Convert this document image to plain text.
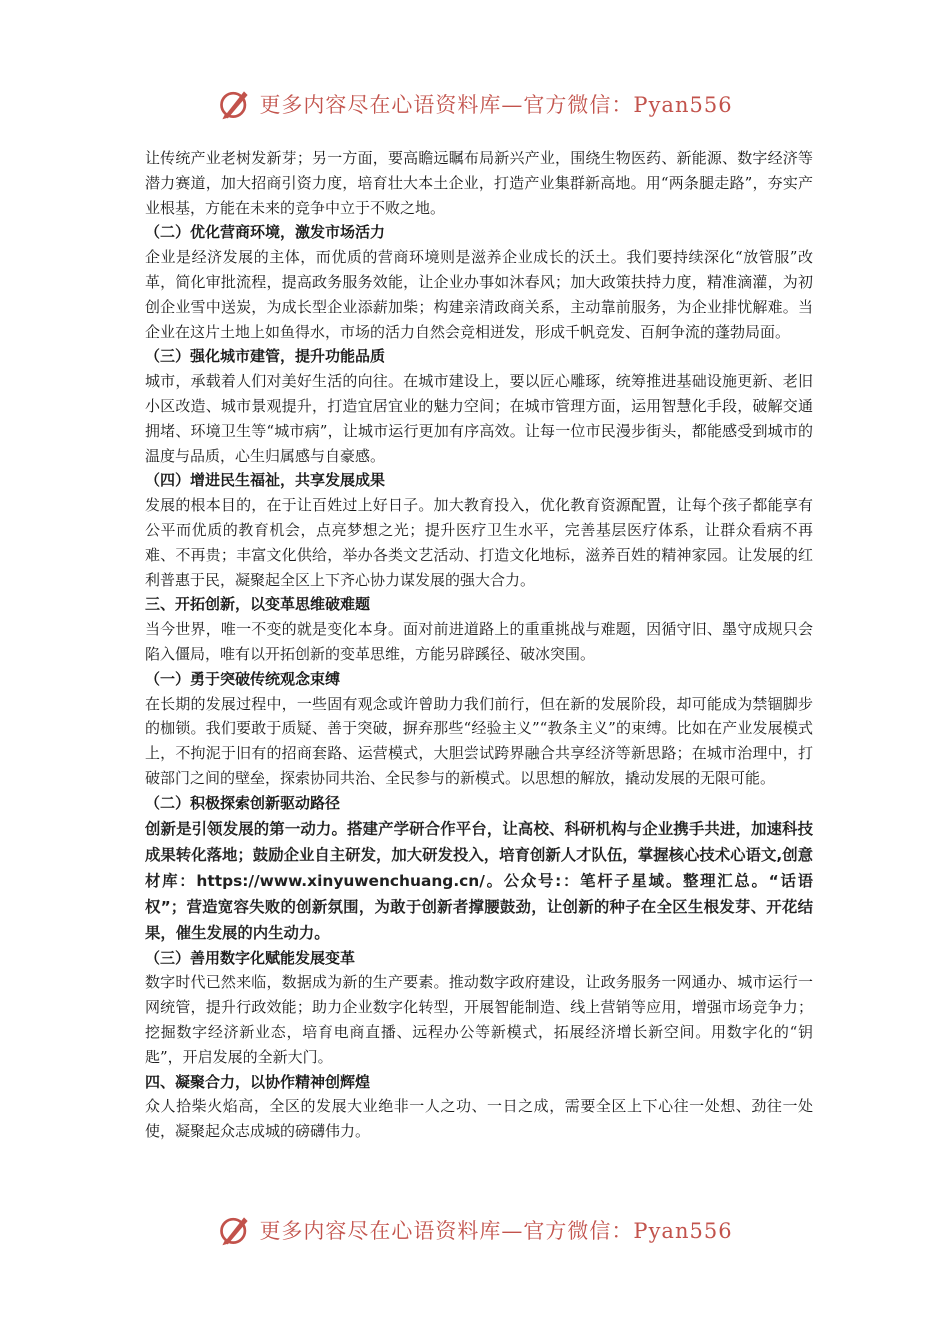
更多内容尽在心语资料库—官方微信：Pyan556

让传统产业老树发新芽；另一方面，要高瞻远瞩布局新兴产业，围绕生物医药、新能源、数字经济等潜力赛道，加大招商引资力度，培育壮大本土企业，打造产业集群新高地。用“两条腿走路”，夯实产业根基，方能在未来的竞争中立于不败之地。

（二）优化营商环境，激发市场活力

企业是经济发展的主体，而优质的营商环境则是滋养企业成长的沃土。我们要持续深化“放管服”改革，简化审批流程，提高政务服务效能，让企业办事如沐春风；加大政策扶持力度，精准滴灌，为初创企业雪中送炭，为成长型企业添薪加柴；构建亲清政商关系，主动靠前服务，为企业排忧解难。当企业在这片土地上如鱼得水，市场的活力自然会竞相迸发，形成千帆竞发、百舸争流的蓬勃局面。

（三）强化城市建管，提升功能品质

城市，承载着人们对美好生活的向往。在城市建设上，要以匠心雕琢，统筹推进基础设施更新、老旧小区改造、城市景观提升，打造宜居宜业的魅力空间；在城市管理方面，运用智慧化手段，破解交通拥堵、环境卫生等“城市病”，让城市运行更加有序高效。让每一位市民漫步街头，都能感受到城市的温度与品质，心生归属感与自豪感。

（四）增进民生福祉，共享发展成果

发展的根本目的，在于让百姓过上好日子。加大教育投入，优化教育资源配置，让每个孩子都能享有公平而优质的教育机会，点亮梦想之光；提升医疗卫生水平，完善基层医疗体系，让群众看病不再难、不再贵；丰富文化供给，举办各类文艺活动、打造文化地标，滋养百姓的精神家园。让发展的红利普惠于民，凝聚起全区上下齐心协力谋发展的强大合力。

三、开拓创新，以变革思维破难题

当今世界，唯一不变的就是变化本身。面对前进道路上的重重挑战与难题，因循守旧、墨守成规只会陷入僵局，唯有以开拓创新的变革思维，方能另辟蹊径、破冰突围。

（一）勇于突破传统观念束缚

在长期的发展过程中，一些固有观念或许曾助力我们前行，但在新的发展阶段，却可能成为禁锢脚步的枷锁。我们要敢于质疑、善于突破，摒弃那些“经验主义”“教条主义”的束缚。比如在产业发展模式上，不拘泥于旧有的招商套路、运营模式，大胆尝试跨界融合共享经济等新思路；在城市治理中，打破部门之间的壁垒，探索协同共治、全民参与的新模式。以思想的解放，撬动发展的无限可能。

（二）积极探索创新驱动路径

创新是引领发展的第一动力。搭建产学研合作平台，让高校、科研机构与企业携手共进，加速科技成果转化落地；鼓励企业自主研发，加大研发投入，培育创新人才队伍，掌握核心技术心语文,创意材库：https://www.xinyuwenchuang.cn/。公众号:：笔杆子星域。整理汇总。“话语权”；营造宽容失败的创新氛围，为敢于创新者撑腰鼓劲，让创新的种子在全区生根发芽、开花结果，催生发展的内生动力。

（三）善用数字化赋能发展变革

数字时代已然来临，数据成为新的生产要素。推动数字政府建设，让政务服务一网通办、城市运行一网统管，提升行政效能；助力企业数字化转型，开展智能制造、线上营销等应用，增强市场竞争力；挖掘数字经济新业态，培育电商直播、远程办公等新模式，拓展经济增长新空间。用数字化的“钥匙”，开启发展的全新大门。

四、凝聚合力，以协作精神创辉煌

众人拾柴火焰高，全区的发展大业绝非一人之功、一日之成，需要全区上下心往一处想、劲往一处使，凝聚起众志成城的磅礴伟力。

更多内容尽在心语资料库—官方微信：Pyan556
